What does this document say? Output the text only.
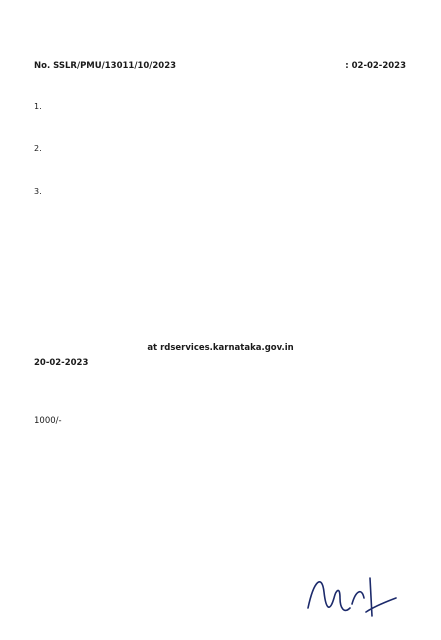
No. SSLR/PMU/13011/10/2023	: 02-02-2023
1.
2.
3.
at rdservices.karnataka.gov.in
20-02-2023
1000/-
